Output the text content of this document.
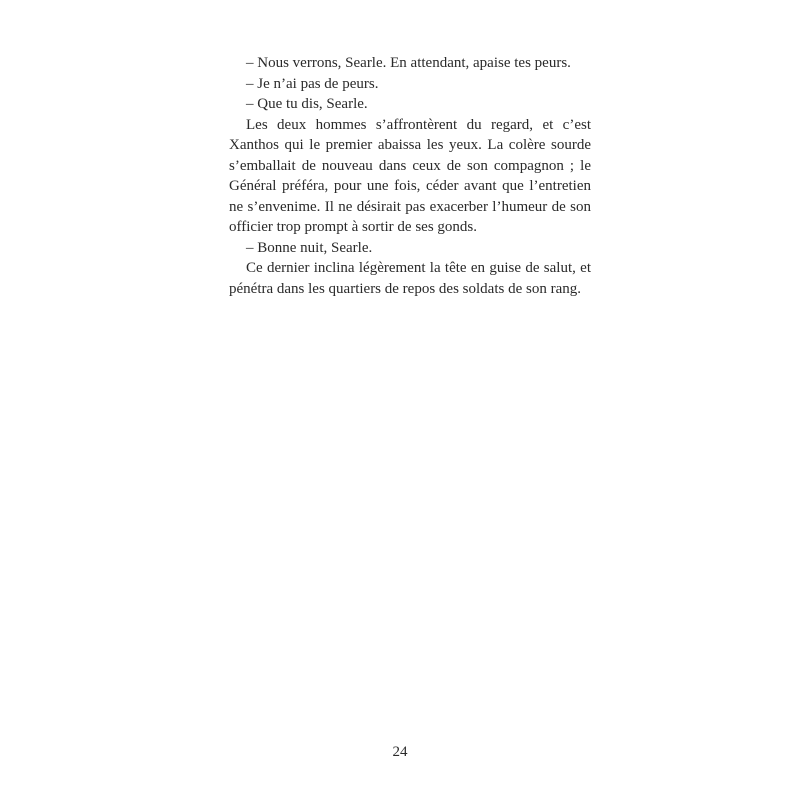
– Nous verrons, Searle. En attendant, apaise tes peurs.

– Je n’ai pas de peurs.

– Que tu dis, Searle.

Les deux hommes s’affrontèrent du regard, et c’est Xanthos qui le premier abaissa les yeux. La colère sourde s’emballait de nouveau dans ceux de son compagnon ; le Général préféra, pour une fois, céder avant que l’entretien ne s’envenime. Il ne désirait pas exacerber l’humeur de son officier trop prompt à sortir de ses gonds.

– Bonne nuit, Searle.

Ce dernier inclina légèrement la tête en guise de salut, et pénétra dans les quartiers de repos des soldats de son rang.

24
